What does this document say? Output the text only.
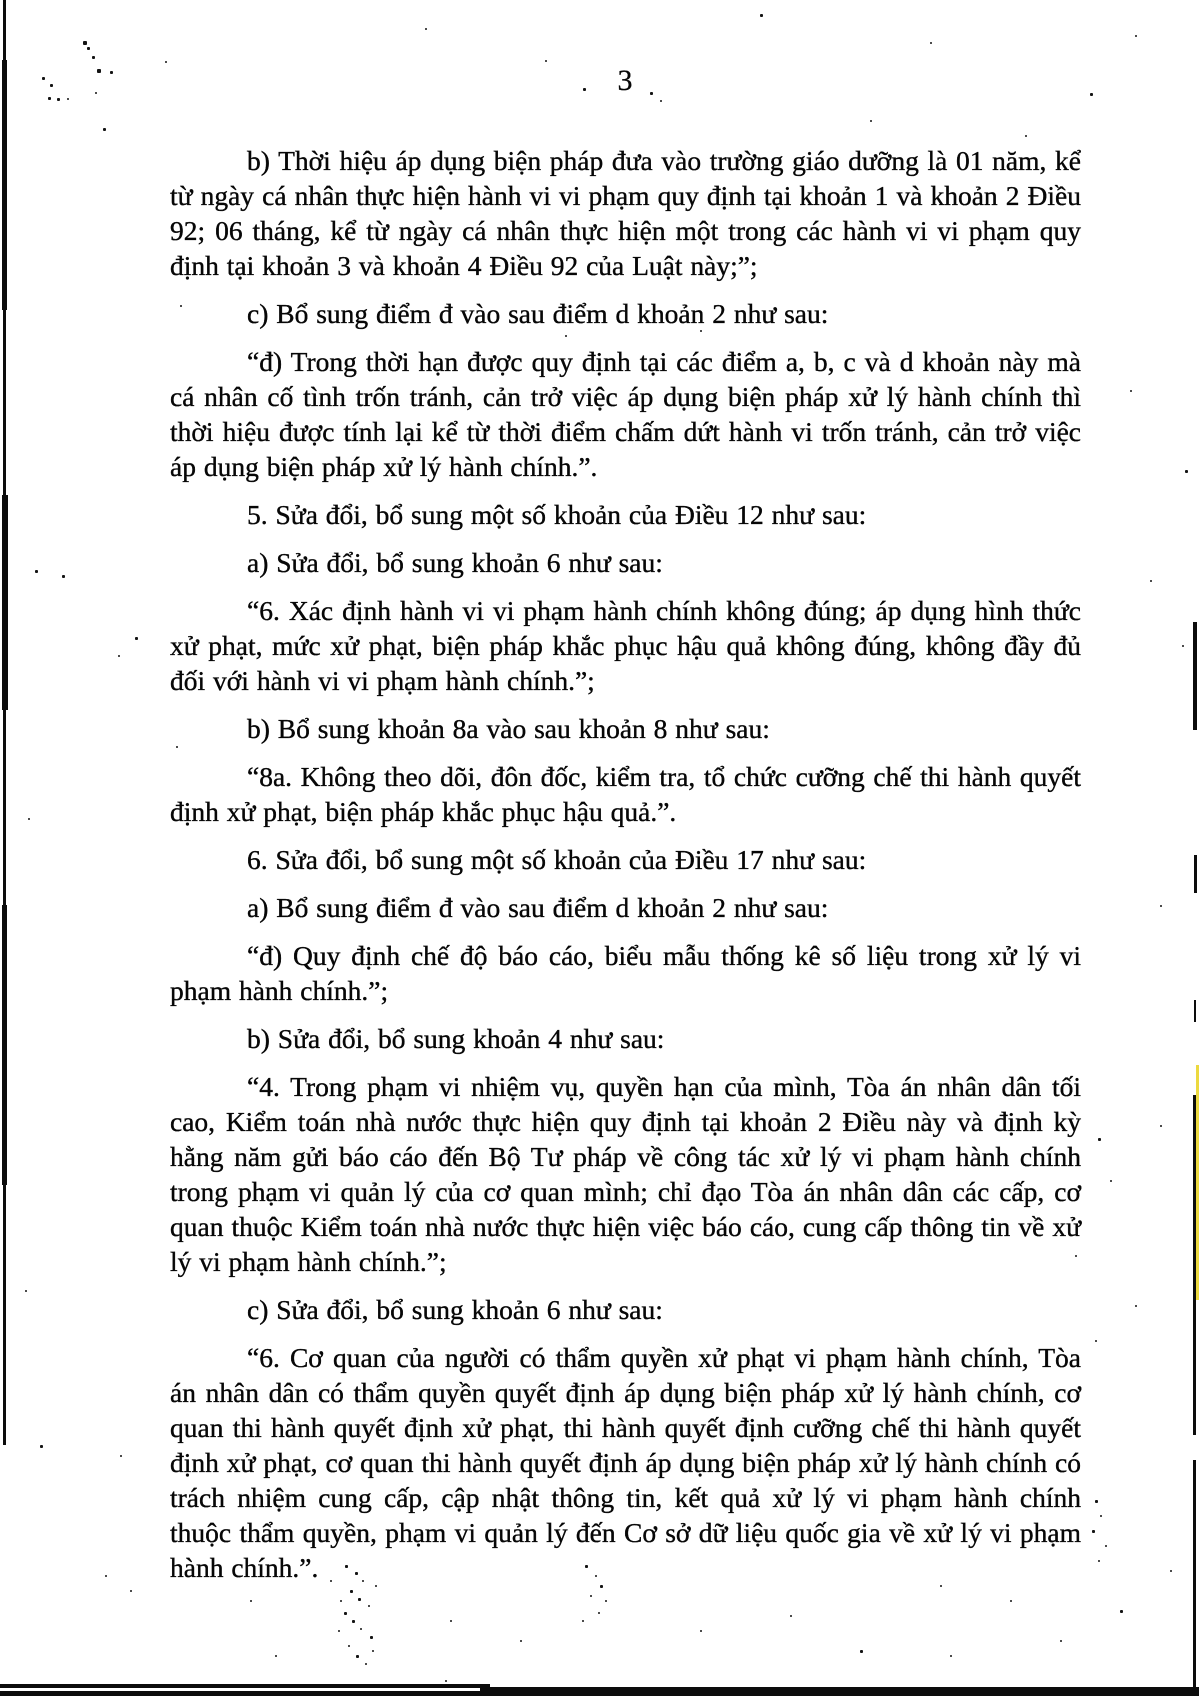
3

b) Thời hiệu áp dụng biện pháp đưa vào trường giáo dưỡng là 01 năm, kể từ ngày cá nhân thực hiện hành vi vi phạm quy định tại khoản 1 và khoản 2 Điều 92; 06 tháng, kể từ ngày cá nhân thực hiện một trong các hành vi vi phạm quy định tại khoản 3 và khoản 4 Điều 92 của Luật này;”;

c) Bổ sung điểm đ vào sau điểm d khoản 2 như sau:

“đ) Trong thời hạn được quy định tại các điểm a, b, c và d khoản này mà cá nhân cố tình trốn tránh, cản trở việc áp dụng biện pháp xử lý hành chính thì thời hiệu được tính lại kể từ thời điểm chấm dứt hành vi trốn tránh, cản trở việc áp dụng biện pháp xử lý hành chính.”.

5. Sửa đổi, bổ sung một số khoản của Điều 12 như sau:

a) Sửa đổi, bổ sung khoản 6 như sau:

“6. Xác định hành vi vi phạm hành chính không đúng; áp dụng hình thức xử phạt, mức xử phạt, biện pháp khắc phục hậu quả không đúng, không đầy đủ đối với hành vi vi phạm hành chính.”;

b) Bổ sung khoản 8a vào sau khoản 8 như sau:

“8a. Không theo dõi, đôn đốc, kiểm tra, tổ chức cưỡng chế thi hành quyết định xử phạt, biện pháp khắc phục hậu quả.”.

6. Sửa đổi, bổ sung một số khoản của Điều 17 như sau:

a) Bổ sung điểm đ vào sau điểm d khoản 2 như sau:

“đ) Quy định chế độ báo cáo, biểu mẫu thống kê số liệu trong xử lý vi phạm hành chính.”;

b) Sửa đổi, bổ sung khoản 4 như sau:

“4. Trong phạm vi nhiệm vụ, quyền hạn của mình, Tòa án nhân dân tối cao, Kiểm toán nhà nước thực hiện quy định tại khoản 2 Điều này và định kỳ hằng năm gửi báo cáo đến Bộ Tư pháp về công tác xử lý vi phạm hành chính trong phạm vi quản lý của cơ quan mình; chỉ đạo Tòa án nhân dân các cấp, cơ quan thuộc Kiểm toán nhà nước thực hiện việc báo cáo, cung cấp thông tin về xử lý vi phạm hành chính.”;

c) Sửa đổi, bổ sung khoản 6 như sau:

“6. Cơ quan của người có thẩm quyền xử phạt vi phạm hành chính, Tòa án nhân dân có thẩm quyền quyết định áp dụng biện pháp xử lý hành chính, cơ quan thi hành quyết định xử phạt, thi hành quyết định cưỡng chế thi hành quyết định xử phạt, cơ quan thi hành quyết định áp dụng biện pháp xử lý hành chính có trách nhiệm cung cấp, cập nhật thông tin, kết quả xử lý vi phạm hành chính thuộc thẩm quyền, phạm vi quản lý đến Cơ sở dữ liệu quốc gia về xử lý vi phạm hành chính.”.
